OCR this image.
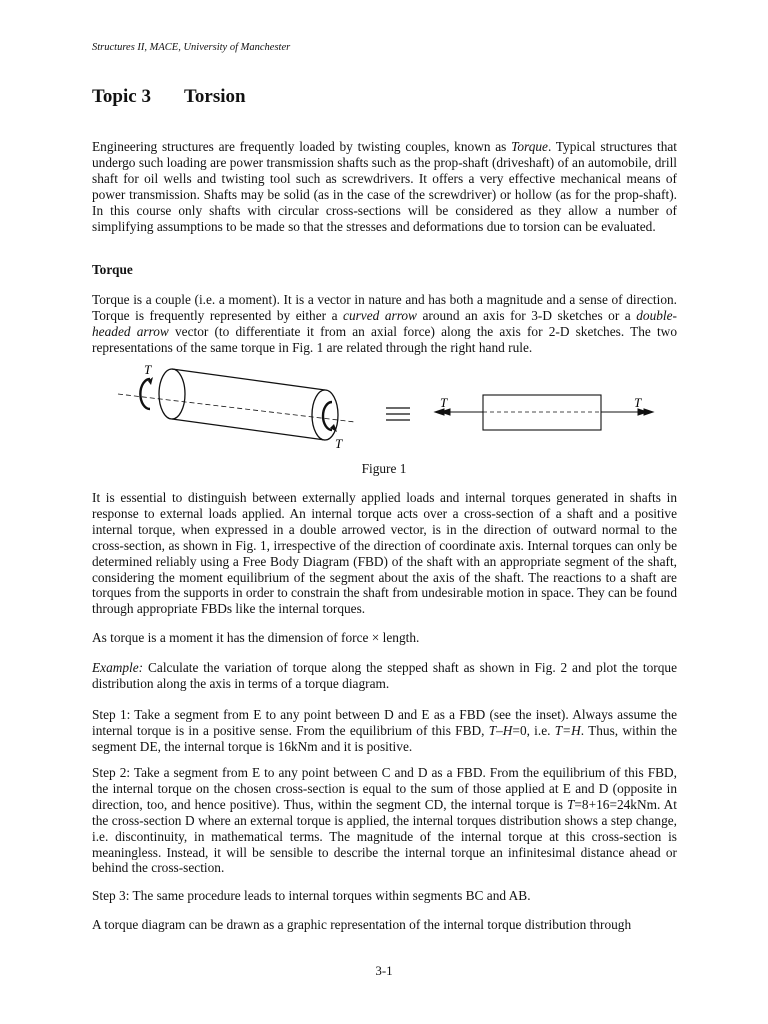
Structures II, MACE, University of Manchester
Topic 3 Torsion
Engineering structures are frequently loaded by twisting couples, known as Torque. Typical structures that undergo such loading are power transmission shafts such as the prop-shaft (driveshaft) of an automobile, drill shaft for oil wells and twisting tool such as screwdrivers. It offers a very effective mechanical means of power transmission. Shafts may be solid (as in the case of the screwdriver) or hollow (as for the prop-shaft). In this course only shafts with circular cross-sections will be considered as they allow a number of simplifying assumptions to be made so that the stresses and deformations due to torsion can be evaluated.
Torque
Torque is a couple (i.e. a moment). It is a vector in nature and has both a magnitude and a sense of direction. Torque is frequently represented by either a curved arrow around an axis for 3-D sketches or a double-headed arrow vector (to differentiate it from an axial force) along the axis for 2-D sketches. The two representations of the same torque in Fig. 1 are related through the right hand rule.
T
T
T	T
Figure 1
It is essential to distinguish between externally applied loads and internal torques generated in shafts in response to external loads applied. An internal torque acts over a cross-section of a shaft and a positive internal torque, when expressed in a double arrowed vector, is in the direction of outward normal to the cross-section, as shown in Fig. 1, irrespective of the direction of coordinate axis. Internal torques can only be determined reliably using a Free Body Diagram (FBD) of the shaft with an appropriate segment of the shaft, considering the moment equilibrium of the segment about the axis of the shaft. The reactions to a shaft are torques from the supports in order to constrain the shaft from undesirable motion in space. They can be found through appropriate FBDs like the internal torques.
As torque is a moment it has the dimension of force × length.
Example: Calculate the variation of torque along the stepped shaft as shown in Fig. 2 and plot the torque distribution along the axis in terms of a torque diagram.
Step 1: Take a segment from E to any point between D and E as a FBD (see the inset). Always assume the internal torque is in a positive sense. From the equilibrium of this FBD, T–H=0, i.e. T=H. Thus, within the segment DE, the internal torque is 16kNm and it is positive.
Step 2: Take a segment from E to any point between C and D as a FBD. From the equilibrium of this FBD, the internal torque on the chosen cross-section is equal to the sum of those applied at E and D (opposite in direction, too, and hence positive). Thus, within the segment CD, the internal torque is T=8+16=24kNm. At the cross-section D where an external torque is applied, the internal torques distribution shows a step change, i.e. discontinuity, in mathematical terms. The magnitude of the internal torque at this cross-section is meaningless. Instead, it will be sensible to describe the internal torque an infinitesimal distance ahead or behind the cross-section.
Step 3: The same procedure leads to internal torques within segments BC and AB.
A torque diagram can be drawn as a graphic representation of the internal torque distribution through
3-1
